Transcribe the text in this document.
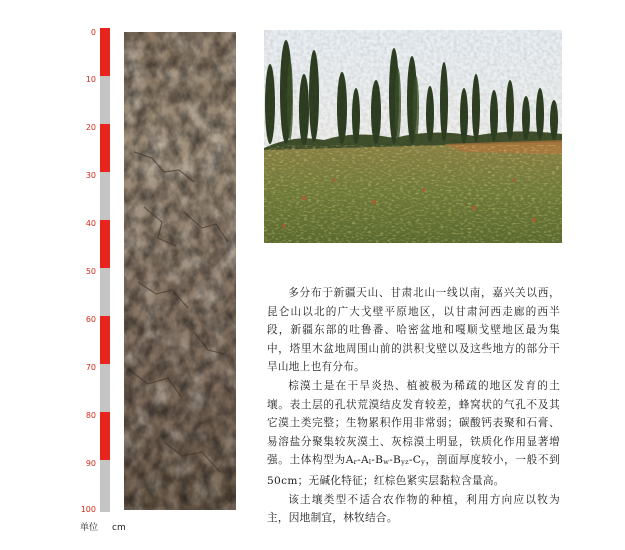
0
10
20
30
40
50
60
70
80
90
100
单位 cm

多分布于新疆天山、甘肃北山一线以南，嘉兴关以西，昆仑山以北的广大戈壁平原地区，以甘肃河西走廊的西半段，新疆东部的吐鲁番、哈密盆地和嘎顺戈壁地区最为集中，塔里木盆地周围山前的洪积戈壁以及这些地方的部分干旱山地上也有分布。

棕漠土是在干旱炎热、植被极为稀疏的地区发育的土壤。表土层的孔状荒漠结皮发育较差，蜂窝状的气孔不及其它漠土类完整；生物累积作用非常弱；碳酸钙表聚和石膏、易溶盐分聚集较灰漠土、灰棕漠土明显，铁质化作用显著增强。土体构型为Ar-Al-Bw-Byz-Cy，剖面厚度较小，一般不到50cm；无碱化特征；红棕色紧实层黏粒含量高。

该土壤类型不适合农作物的种植，利用方向应以牧为主，因地制宜，林牧结合。
